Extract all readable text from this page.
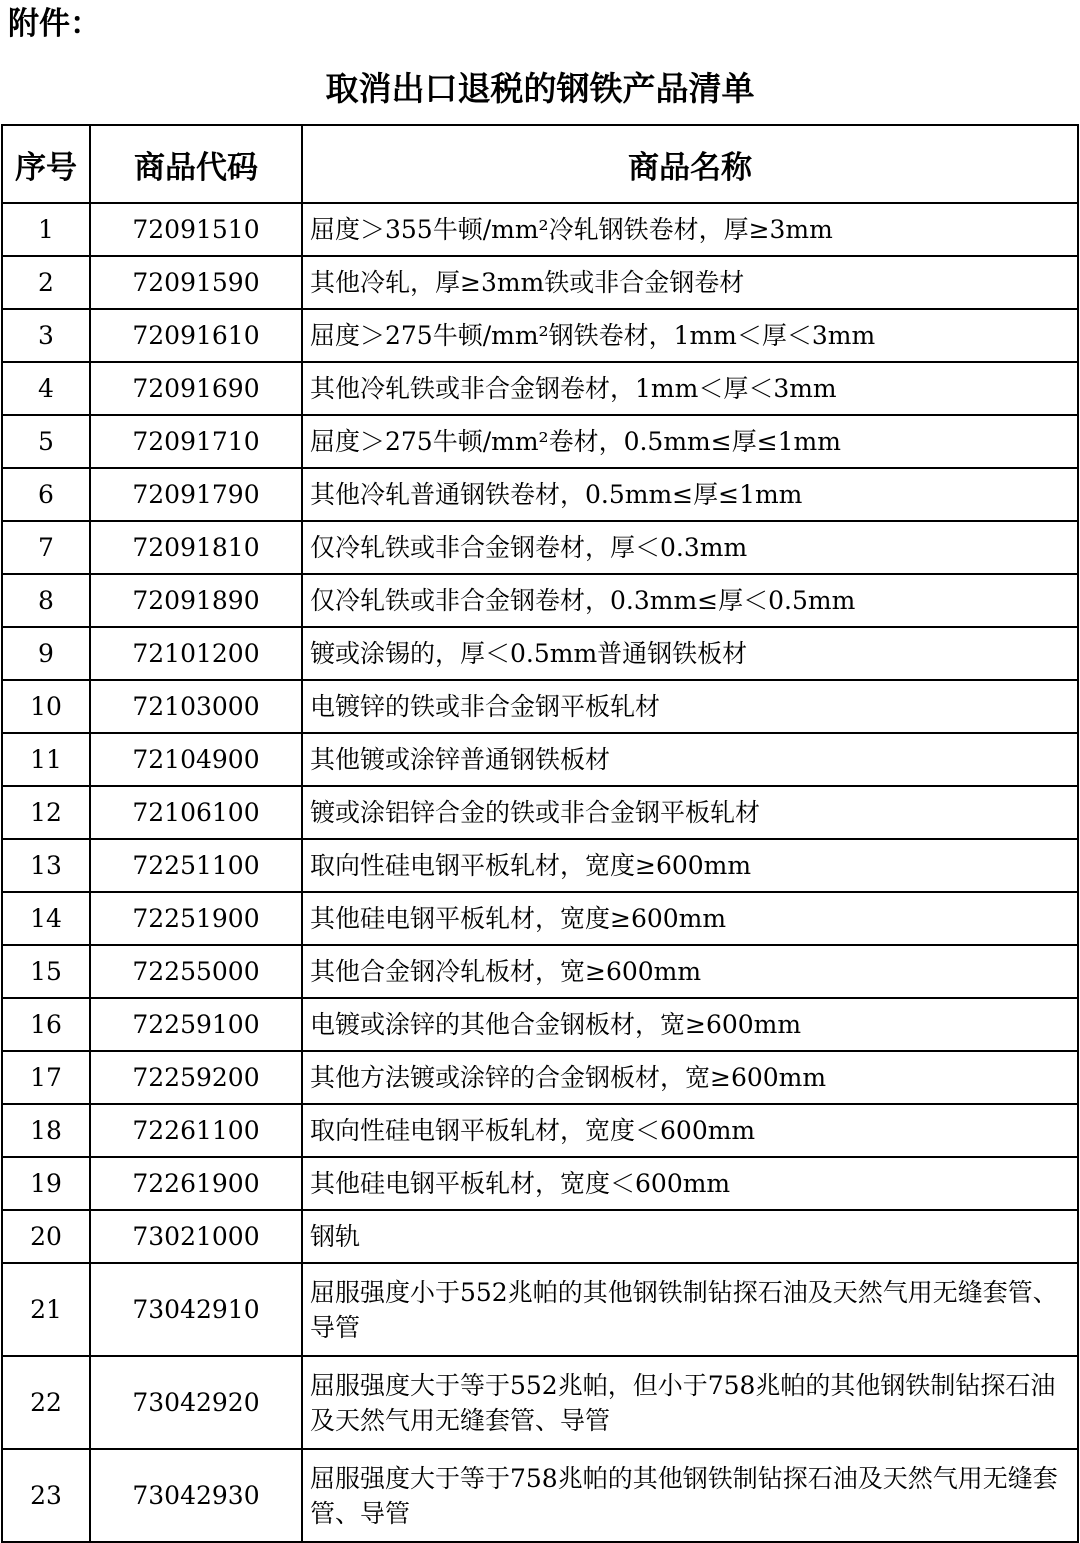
附件：
取消出口退税的钢铁产品清单
序号	商品代码	商品名称
1	72091510	屈度＞355牛顿/mm²冷轧钢铁卷材，厚≥3mm
2	72091590	其他冷轧，厚≥3mm铁或非合金钢卷材
3	72091610	屈度＞275牛顿/mm²钢铁卷材，1mm＜厚＜3mm
4	72091690	其他冷轧铁或非合金钢卷材，1mm＜厚＜3mm
5	72091710	屈度＞275牛顿/mm²卷材，0.5mm≤厚≤1mm
6	72091790	其他冷轧普通钢铁卷材，0.5mm≤厚≤1mm
7	72091810	仅冷轧铁或非合金钢卷材，厚＜0.3mm
8	72091890	仅冷轧铁或非合金钢卷材，0.3mm≤厚＜0.5mm
9	72101200	镀或涂锡的，厚＜0.5mm普通钢铁板材
10	72103000	电镀锌的铁或非合金钢平板轧材
11	72104900	其他镀或涂锌普通钢铁板材
12	72106100	镀或涂铝锌合金的铁或非合金钢平板轧材
13	72251100	取向性硅电钢平板轧材，宽度≥600mm
14	72251900	其他硅电钢平板轧材，宽度≥600mm
15	72255000	其他合金钢冷轧板材，宽≥600mm
16	72259100	电镀或涂锌的其他合金钢板材，宽≥600mm
17	72259200	其他方法镀或涂锌的合金钢板材，宽≥600mm
18	72261100	取向性硅电钢平板轧材，宽度＜600mm
19	72261900	其他硅电钢平板轧材，宽度＜600mm
20	73021000	钢轨
21	73042910	屈服强度小于552兆帕的其他钢铁制钻探石油及天然气用无缝套管、导管
22	73042920	屈服强度大于等于552兆帕，但小于758兆帕的其他钢铁制钻探石油及天然气用无缝套管、导管
23	73042930	屈服强度大于等于758兆帕的其他钢铁制钻探石油及天然气用无缝套管、导管
